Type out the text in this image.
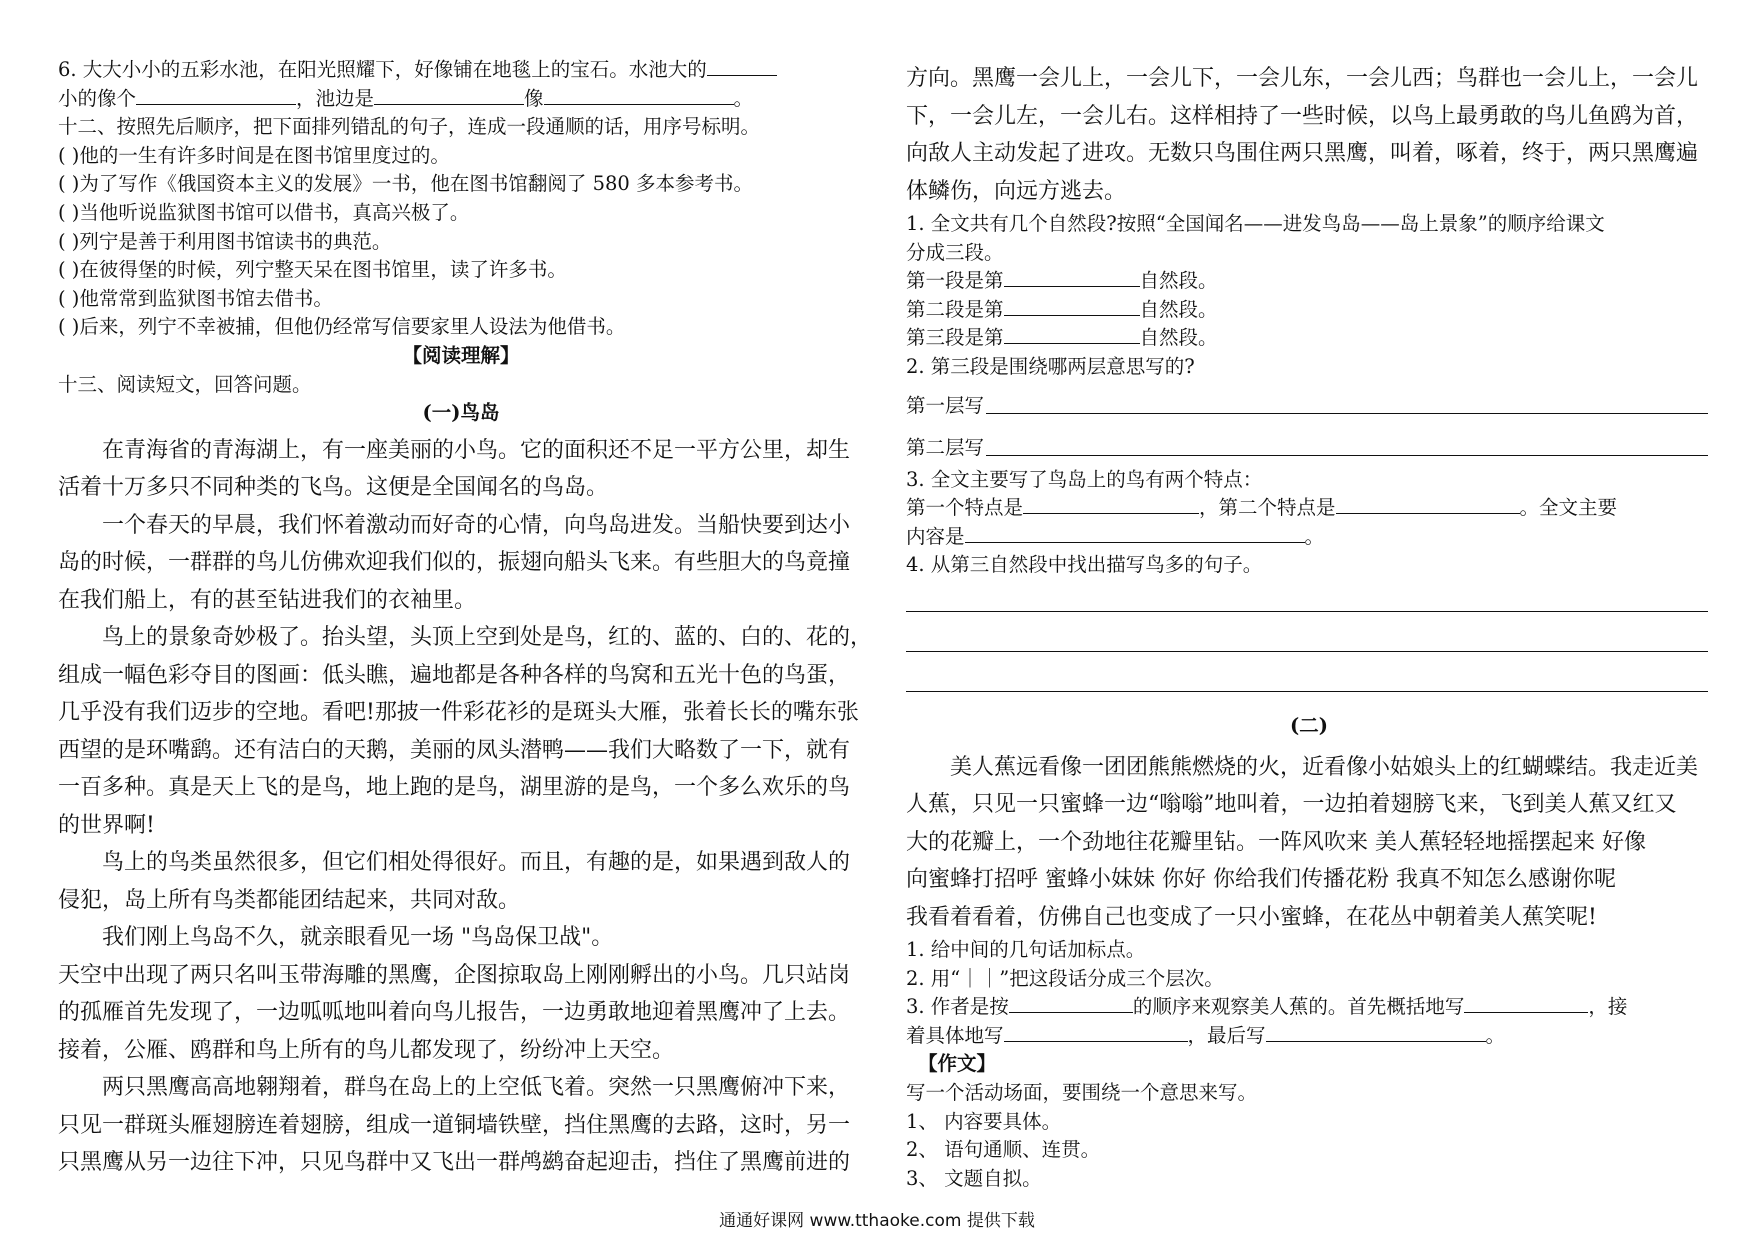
6. 大大小小的五彩水池，在阳光照耀下，好像铺在地毯上的宝石。水池大的
小的像个	，池边是	像	。
十二、按照先后顺序，把下面排列错乱的句子，连成一段通顺的话，用序号标明。
( )他的一生有许多时间是在图书馆里度过的。
( )为了写作《俄国资本主义的发展》一书，他在图书馆翻阅了 580 多本参考书。
( )当他听说监狱图书馆可以借书，真高兴极了。
( )列宁是善于利用图书馆读书的典范。
( )在彼得堡的时候，列宁整天呆在图书馆里，读了许多书。
( )他常常到监狱图书馆去借书。
( )后来，列宁不幸被捕，但他仍经常写信要家里人设法为他借书。
【阅读理解】
十三、阅读短文，回答问题。
(一)鸟岛
在青海省的青海湖上，有一座美丽的小鸟。它的面积还不足一平方公里，却生
活着十万多只不同种类的飞鸟。这便是全国闻名的鸟岛。
一个春天的早晨，我们怀着激动而好奇的心情，向鸟岛进发。当船快要到达小
岛的时候，一群群的鸟儿仿佛欢迎我们似的，振翅向船头飞来。有些胆大的鸟竟撞
在我们船上，有的甚至钻进我们的衣袖里。
鸟上的景象奇妙极了。抬头望，头顶上空到处是鸟，红的、蓝的、白的、花的，
组成一幅色彩夺目的图画：低头瞧，遍地都是各种各样的鸟窝和五光十色的鸟蛋，
几乎没有我们迈步的空地。看吧!那披一件彩花衫的是斑头大雁，张着长长的嘴东张
西望的是环嘴鹞。还有洁白的天鹅，美丽的凤头潜鸭——我们大略数了一下，就有
一百多种。真是天上飞的是鸟，地上跑的是鸟，湖里游的是鸟，一个多么欢乐的鸟
的世界啊!
鸟上的鸟类虽然很多，但它们相处得很好。而且，有趣的是，如果遇到敌人的
侵犯，岛上所有鸟类都能团结起来，共同对敌。
我们刚上鸟岛不久，就亲眼看见一场 "鸟岛保卫战"。
天空中出现了两只名叫玉带海雕的黑鹰，企图掠取岛上刚刚孵出的小鸟。几只站岗
的孤雁首先发现了，一边呱呱地叫着向鸟儿报告，一边勇敢地迎着黑鹰冲了上去。
接着，公雁、鸥群和鸟上所有的鸟儿都发现了，纷纷冲上天空。
两只黑鹰高高地翱翔着，群鸟在岛上的上空低飞着。突然一只黑鹰俯冲下来，
只见一群斑头雁翅膀连着翅膀，组成一道铜墙铁壁，挡住黑鹰的去路，这时，另一
只黑鹰从另一边往下冲，只见鸟群中又飞出一群鸬鹚奋起迎击，挡住了黑鹰前进的
方向。黑鹰一会儿上，一会儿下，一会儿东，一会儿西；鸟群也一会儿上，一会儿
下，一会儿左，一会儿右。这样相持了一些时候，以鸟上最勇敢的鸟儿鱼鸥为首，
向敌人主动发起了进攻。无数只鸟围住两只黑鹰，叫着，啄着，终于，两只黑鹰遍
体鳞伤，向远方逃去。
1. 全文共有几个自然段?按照“全国闻名——进发鸟岛——岛上景象”的顺序给课文
分成三段。
第一段是第	自然段。
第二段是第	自然段。
第三段是第	自然段。
2. 第三段是围绕哪两层意思写的?
第一层写
第二层写
3. 全文主要写了鸟岛上的鸟有两个特点：
第一个特点是	，第二个特点是	。全文主要
内容是	。
4. 从第三自然段中找出描写鸟多的句子。
(二)
美人蕉远看像一团团熊熊燃烧的火，近看像小姑娘头上的红蝴蝶结。我走近美
人蕉，只见一只蜜蜂一边“嗡嗡”地叫着，一边拍着翅膀飞来，飞到美人蕉又红又
大的花瓣上，一个劲地往花瓣里钻。一阵风吹来 美人蕉轻轻地摇摆起来 好像
向蜜蜂打招呼 蜜蜂小妹妹 你好 你给我们传播花粉 我真不知怎么感谢你呢
我看着看着，仿佛自己也变成了一只小蜜蜂，在花丛中朝着美人蕉笑呢!
1. 给中间的几句话加标点。
2. 用“｜｜”把这段话分成三个层次。
3. 作者是按	的顺序来观察美人蕉的。首先概括地写	，接
着具体地写	，最后写	。
【作文】
写一个活动场面，要围绕一个意思来写。
1、 内容要具体。
2、 语句通顺、连贯。
3、 文题自拟。
通通好课网 www.tthaoke.com 提供下载
